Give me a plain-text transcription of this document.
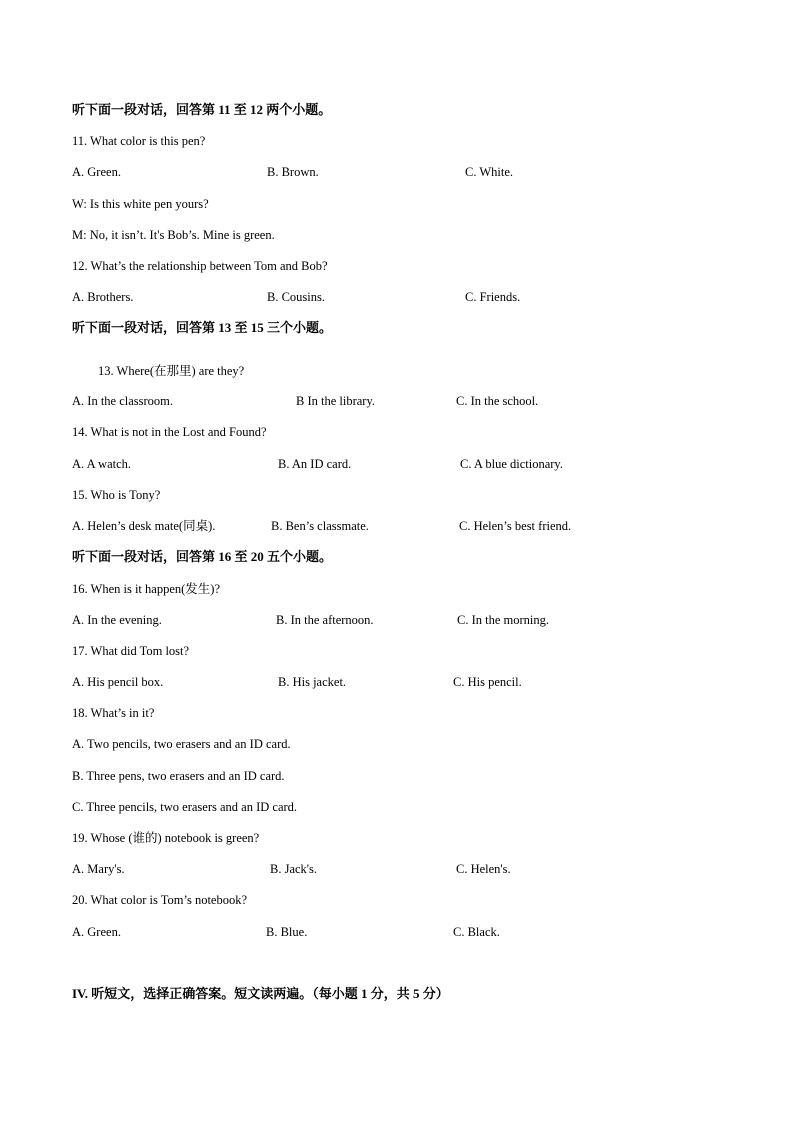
听下面一段对话，回答第 11 至 12 两个小题。
11. What color is this pen?
A. Green.	B. Brown.	C. White.
W: Is this white pen yours?
M: No, it isn’t. It's Bob’s. Mine is green.
12. What’s the relationship between Tom and Bob?
A. Brothers.	B. Cousins.	C. Friends.
听下面一段对话，回答第 13 至 15 三个小题。
13. Where(在那里) are they?
A. In the classroom.	B In the library.	C. In the school.
14. What is not in the Lost and Found?
A. A watch.	B. An ID card.	C. A blue dictionary.
15. Who is Tony?
A. Helen’s desk mate(同桌).	B. Ben’s classmate.	C. Helen’s best friend.
听下面一段对话，回答第 16 至 20 五个小题。
16. When is it happen(发生)?
A. In the evening.	B. In the afternoon.	C. In the morning.
17. What did Tom lost?
A. His pencil box.	B. His jacket.	C. His pencil.
18. What’s in it?
A. Two pencils, two erasers and an ID card.
B. Three pens, two erasers and an ID card.
C. Three pencils, two erasers and an ID card.
19. Whose (谁的) notebook is green?
A. Mary's.	B. Jack's.	C. Helen's.
20. What color is Tom’s notebook?
A. Green.	B. Blue.	C. Black.
IV. 听短文，选择正确答案。短文读两遍。（每小题 1 分，共 5 分）
